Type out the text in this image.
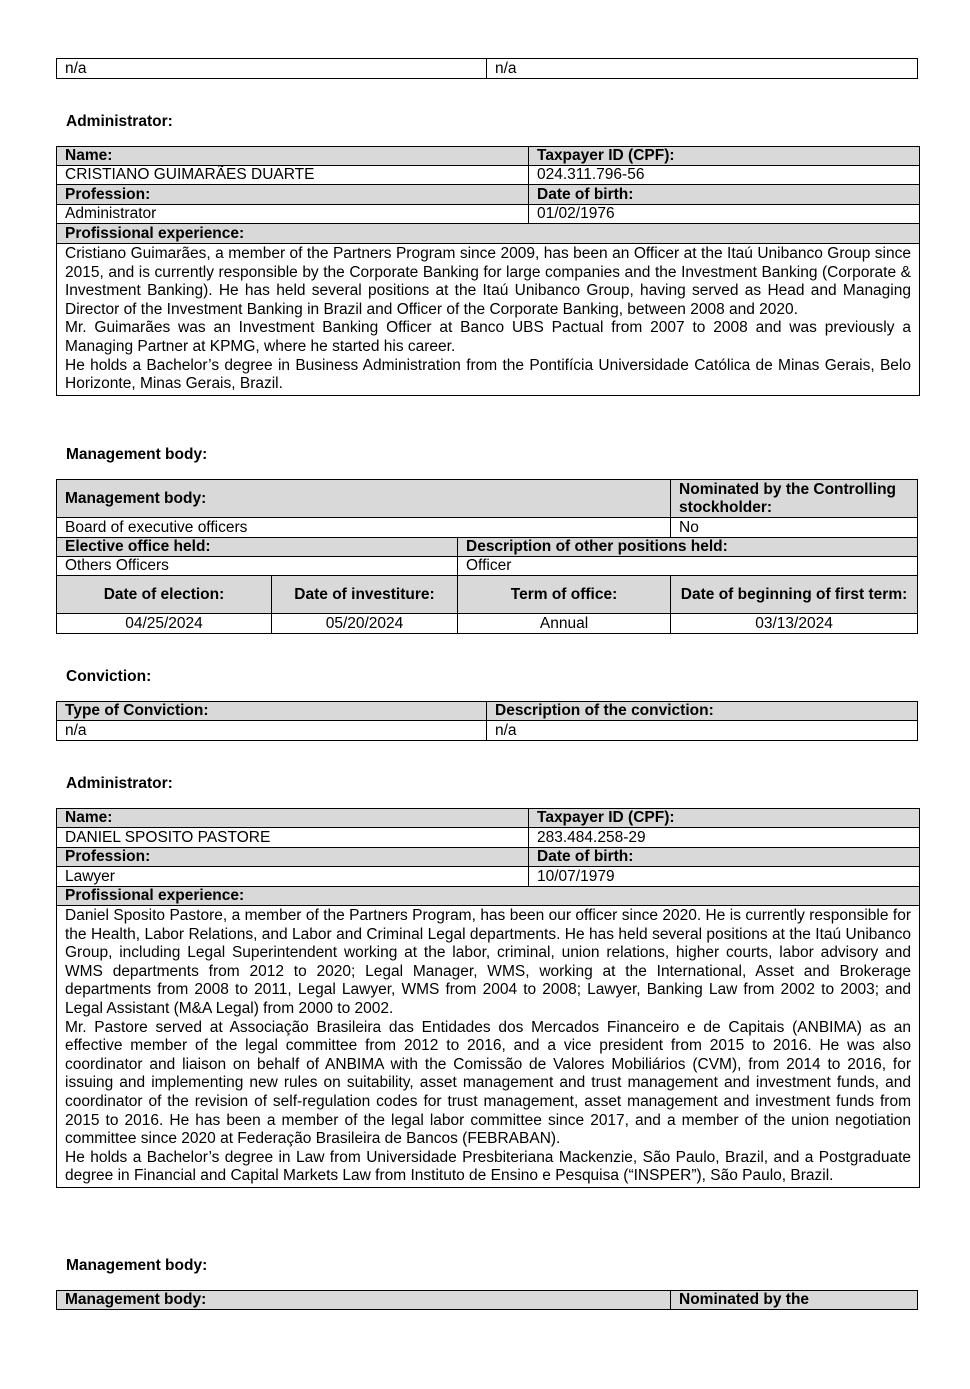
n/a	n/a
Administrator:
Name:	Taxpayer ID (CPF):
CRISTIANO GUIMARÃES DUARTE	024.311.796-56
Profession:	Date of birth:
Administrator	01/02/1976
Profissional experience:	

Cristiano Guimarães, a member of the Partners Program since 2009, has been an Officer at the Itaú Unibanco Group since 2015, and is currently responsible by the Corporate Banking for large companies and the Investment Banking (Corporate & Investment Banking). He has held several positions at the Itaú Unibanco Group, having served as Head and Managing Director of the Investment Banking in Brazil and Officer of the Corporate Banking, between 2008 and 2020.

Mr. Guimarães was an Investment Banking Officer at Banco UBS Pactual from 2007 to 2008 and was previously a Managing Partner at KPMG, where he started his career.

He holds a Bachelor’s degree in Business Administration from the Pontifícia Universidade Católica de Minas Gerais, Belo Horizonte, Minas Gerais, Brazil.	

Management body:
Management body:			Nominated by the Controlling stockholder:
Board of executive officers			No
Elective office held:		Description of other positions held:	
Others Officers		Officer	
Date of election:	Date of investiture:	Term of office:	Date of beginning of first term:
04/25/2024	05/20/2024	Annual	03/13/2024
Conviction:
Type of Conviction:	Description of the conviction:
n/a	n/a
Administrator:
Name:	Taxpayer ID (CPF):
DANIEL SPOSITO PASTORE	283.484.258-29
Profession:	Date of birth:
Lawyer	10/07/1979
Profissional experience:	

Daniel Sposito Pastore, a member of the Partners Program, has been our officer since 2020. He is currently responsible for the Health, Labor Relations, and Labor and Criminal Legal departments. He has held several positions at the Itaú Unibanco Group, including Legal Superintendent working at the labor, criminal, union relations, higher courts, labor advisory and WMS departments from 2012 to 2020; Legal Manager, WMS, working at the International, Asset and Brokerage departments from 2008 to 2011, Legal Lawyer, WMS from 2004 to 2008; Lawyer, Banking Law from 2002 to 2003; and Legal Assistant (M&A Legal) from 2000 to 2002.

Mr. Pastore served at Associação Brasileira das Entidades dos Mercados Financeiro e de Capitais (ANBIMA) as an effective member of the legal committee from 2012 to 2016, and a vice president from 2015 to 2016. He was also coordinator and liaison on behalf of ANBIMA with the Comissão de Valores Mobiliários (CVM), from 2014 to 2016, for issuing and implementing new rules on suitability, asset management and trust management and investment funds, and coordinator of the revision of self-regulation codes for trust management, asset management and investment funds from 2015 to 2016. He has been a member of the legal labor committee since 2017, and a member of the union negotiation committee since 2020 at Federação Brasileira de Bancos (FEBRABAN).

He holds a Bachelor’s degree in Law from Universidade Presbiteriana Mackenzie, São Paulo, Brazil, and a Postgraduate degree in Financial and Capital Markets Law from Instituto de Ensino e Pesquisa (“INSPER”), São Paulo, Brazil.	

Management body:
Management body:	Nominated by the
